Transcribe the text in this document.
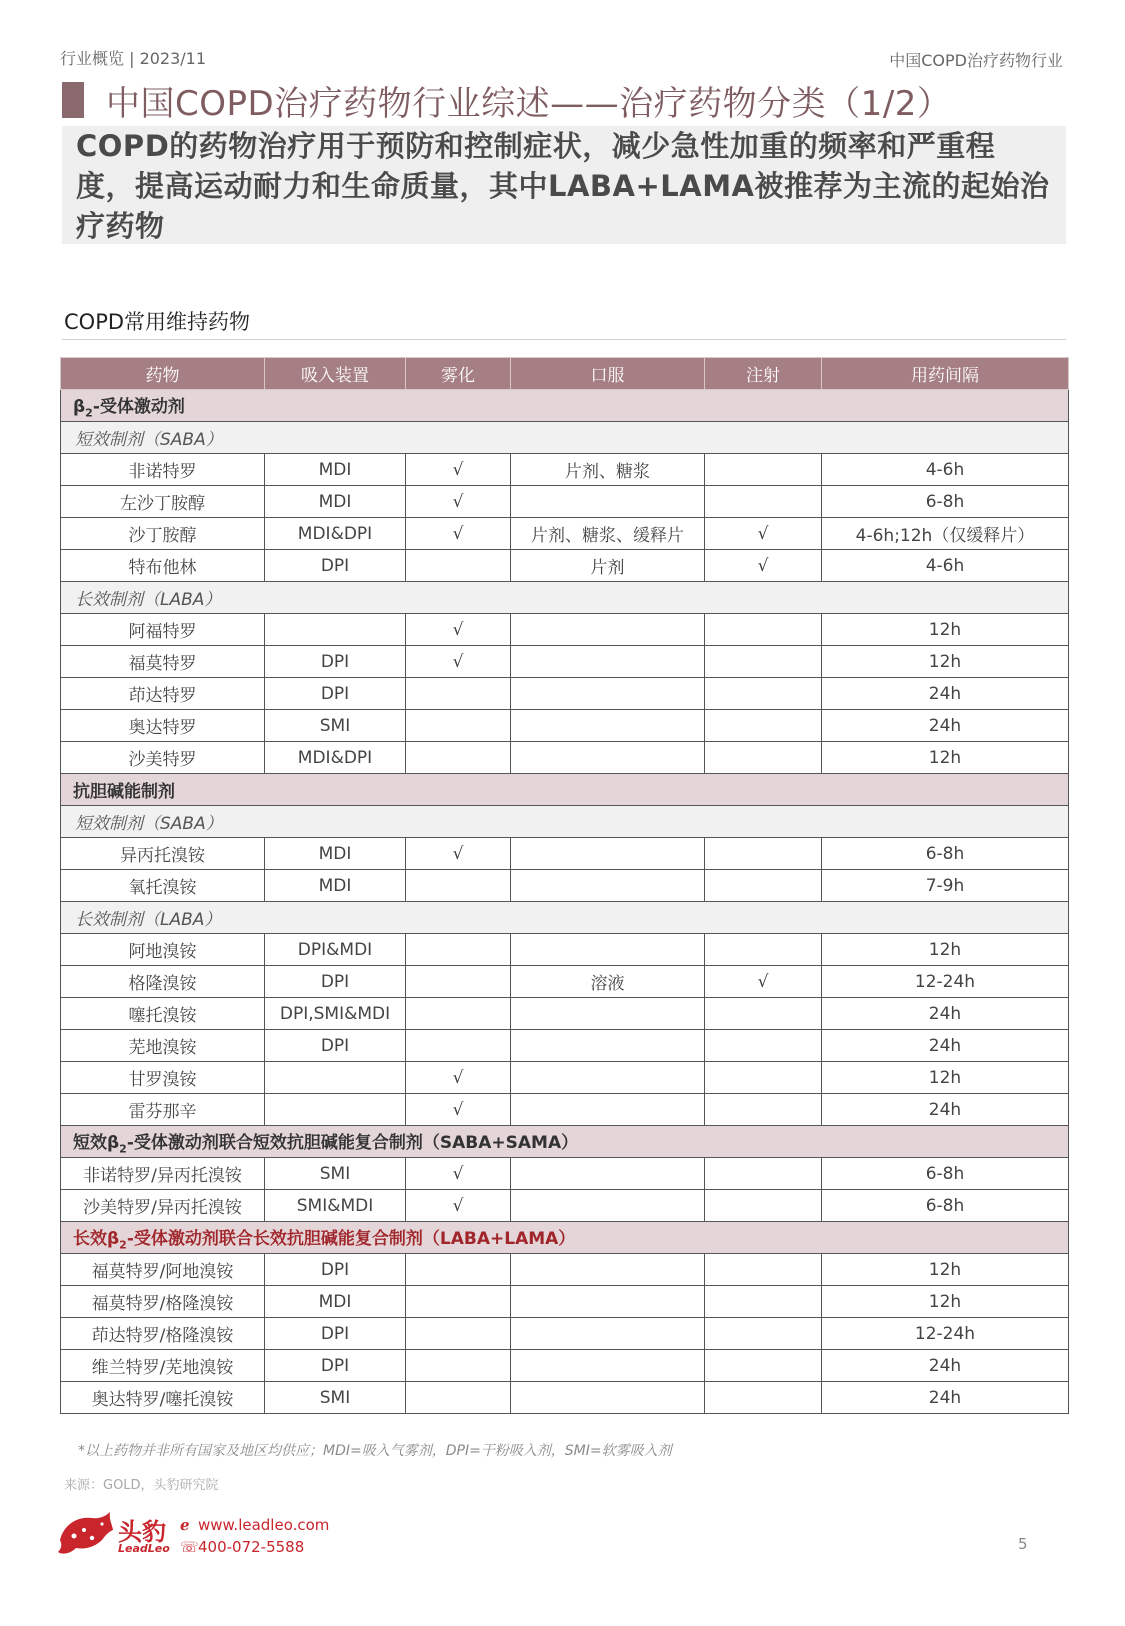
行业概览 | 2023/11	中国COPD治疗药物行业
中国COPD治疗药物行业综述——治疗药物分类（1/2）
COPD的药物治疗用于预防和控制症状，减少急性加重的频率和严重程度，提高运动耐力和生命质量，其中LABA+LAMA被推荐为主流的起始治疗药物
COPD常用维持药物
药物	吸入装置	雾化	口服	注射	用药间隔
$\beta_2-$受体激动剂					
短效制剂（SABA）					
非诺特罗	MDI	√	片剂、糖浆		4-6h
左沙丁胺醇	MDI	√			6-8h
沙丁胺醇	MDI&DPI	√	片剂、糖浆、缓释片	√	4-6h;12h（仅缓释片）
特布他林	DPI		片剂	√	4-6h
长效制剂（LABA）					
阿福特罗		√			12h
福莫特罗	DPI	√			12h
茚达特罗	DPI				24h
奥达特罗	SMI				24h
沙美特罗	MDI&DPI				12h
抗胆碱能制剂					
短效制剂（SABA）					
异丙托溴铵	MDI	√			6-8h
氧托溴铵	MDI				7-9h
长效制剂（LABA）					
阿地溴铵	DPI&MDI				12h
格隆溴铵	DPI		溶液	√	12-24h
噻托溴铵	DPI,SMI&MDI				24h
芜地溴铵	DPI				24h
甘罗溴铵		√			12h
雷芬那辛		√			24h
短效$\beta_2-$受体激动剂联合短效抗胆碱能复合制剂（SABA+SAMA）					
非诺特罗/异丙托溴铵	SMI	√			6-8h
沙美特罗/异丙托溴铵	SMI&MDI	√			6-8h
长效$\beta_2-$受体激动剂联合长效抗胆碱能复合制剂（LABA+LAMA）					
福莫特罗/阿地溴铵	DPI				12h
福莫特罗/格隆溴铵	MDI				12h
茚达特罗/格隆溴铵	DPI				12-24h
维兰特罗/芜地溴铵	DPI				24h
奥达特罗/噻托溴铵	SMI				24h
*以上药物并非所有国家及地区均供应；MDI=吸入气雾剂，DPI=干粉吸入剂，SMI=软雾吸入剂
来源：GOLD，头豹研究院
头豹
LeadLeo
ℯ www.leadleo.com
☏400-072-5588	5
